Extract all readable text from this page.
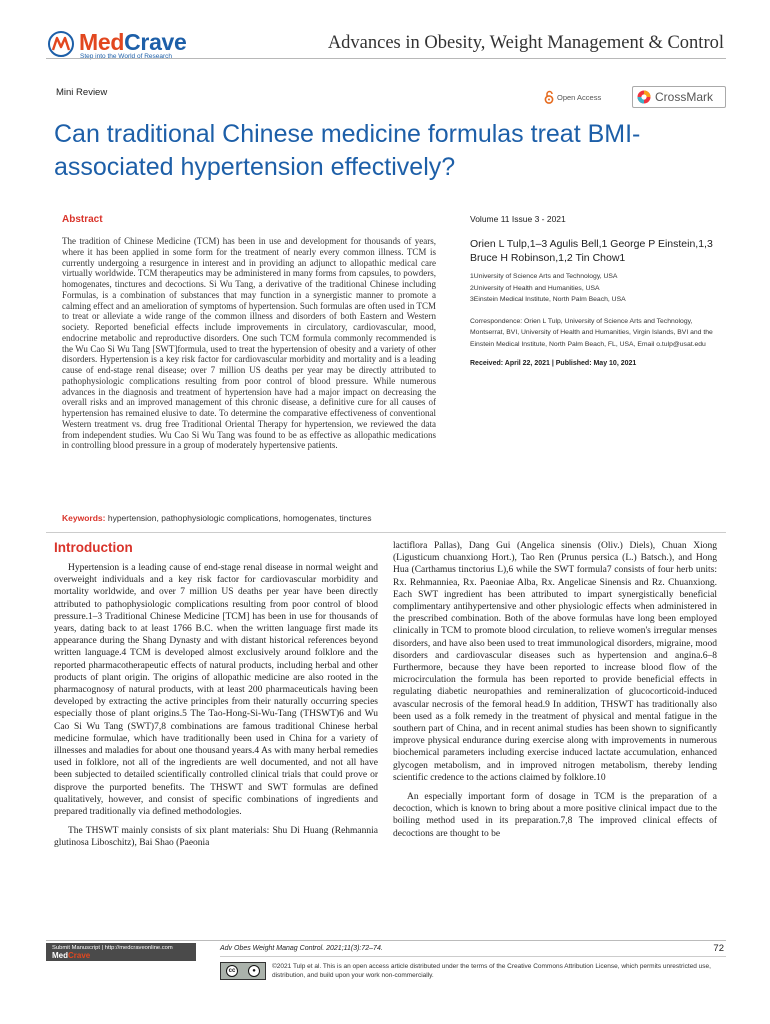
MedCrave
Step into the World of Research
Advances in Obesity, Weight Management & Control
Mini Review	Open Access	CrossMark
Can traditional Chinese medicine formulas treat BMI-associated hypertension effectively?
Abstract

The tradition of Chinese Medicine (TCM) has been in use and development for thousands of years, where it has been applied in some form for the treatment of nearly every common illness. TCM is currently undergoing a resurgence in interest and in providing an adjunct to allopathic medical care virtually worldwide. TCM therapeutics may be administered in many forms from capsules, to powders, homogenates, tinctures and decoctions. Si Wu Tang, a derivative of the traditional Chinese including Formulas, is a combination of substances that may function in a synergistic manner to promote a calming effect and an amelioration of symptoms of hypertension. Such formulas are often used in TCM to treat or alleviate a wide range of the common illness and disorders of both Eastern and Western society. Reported beneficial effects include improvements in circulatory, cardiovascular, mood, endocrine metabolic and reproductive disorders. One such TCM formula commonly recommended is the Wu Cao Si Wu Tang [SWT]formula, used to treat the hypertension of obesity and a variety of other disorders. Hypertension is a key risk factor for cardiovascular morbidity and mortality and is a leading cause of end-stage renal disease; over 7 million US deaths per year may be directly attributed to pathophysiologic complications resulting from poor control of blood pressure. While numerous advances in the diagnosis and treatment of hypertension have had a major impact on decreasing the overall risks and an improved management of this chronic disease, a definitive cure for all causes of hypertension has remained elusive to date. To determine the comparative effectiveness of conventional Western treatment vs. drug free Traditional Oriental Therapy for hypertension, we reviewed the data from independent studies. Wu Cao Si Wu Tang was found to be as effective as allopathic medications in controlling blood pressure in a group of moderately hypertensive patients.

Volume 11 Issue 3 - 2021
Orien L Tulp,1–3 Agulis Bell,1 George P Einstein,1,3 Bruce H Robinson,1,2 Tin Chow1
1University of Science Arts and Technology, USA
2University of Health and Humanities, USA
3Einstein Medical Institute, North Palm Beach, USA
Correspondence: Orien L Tulp, University of Science Arts and Technology, Montserrat, BVI, University of Health and Humanities, Virgin Islands, BVI and the Einstein Medical Institute, North Palm Beach, FL, USA, Email o.tulp@usat.edu
Received: April 22, 2021 | Published: May 10, 2021
Keywords: hypertension, pathophysiologic complications, homogenates, tinctures
Introduction

Hypertension is a leading cause of end-stage renal disease in normal weight and overweight individuals and a key risk factor for cardiovascular morbidity and mortality worldwide, and over 7 million US deaths per year have been directly attributed to pathophysiologic complications resulting from poor control of blood pressure.1–3 Traditional Chinese Medicine [TCM] has been in use for thousands of years, dating back to at least 1766 B.C. when the written language first made its appearance during the Shang Dynasty and with distant historical references beyond written language.4 TCM is developed almost exclusively around folklore and the reported pharmacotherapeutic effects of natural products, including herbal and other products of plant origin. The origins of allopathic medicine are also rooted in the pharmacognosy of natural products, with at least 200 pharmaceuticals having been developed by extracting the active principles from their naturally occurring species especially those of plant origins.5 The Tao-Hong-Si-Wu-Tang (THSWT)6 and Wu Cao Si Wu Tang (SWT)7,8 combinations are famous traditional Chinese herbal medicine formulae, which have traditionally been used in China for a variety of illnesses and maladies for about one thousand years.4 As with many herbal remedies used in folklore, not all of the ingredients are well documented, and not all have been subjected to detailed scientifically controlled clinical trials that could prove or disprove the purported benefits. The THSWT and SWT formulas are defined qualitatively, however, and consist of specific combinations of ingredients and prepared traditionally via defined methodologies.

The THSWT mainly consists of six plant materials: Shu Di Huang (Rehmannia glutinosa Liboschitz), Bai Shao (Paeonia

lactiflora Pallas), Dang Gui (Angelica sinensis (Oliv.) Diels), Chuan Xiong (Ligusticum chuanxiong Hort.), Tao Ren (Prunus persica (L.) Batsch.), and Hong Hua (Carthamus tinctorius L),6 while the SWT formula7 consists of four herb units: Rx. Rehmanniea, Rx. Paeoniae Alba, Rx. Angelicae Sinensis and Rz. Chuanxiong. Each SWT ingredient has been attributed to impart synergistically beneficial complimentary antihypertensive and other physiologic effects when administered in the prescribed combination. Both of the above formulas have long been employed clinically in TCM to promote blood circulation, to relieve women's irregular menses disorders, and have also been used to treat immunological disorders, migraine, mood disorders and cardiovascular diseases such as hypertension and angina.6–8 Furthermore, because they have been reported to increase blood flow of the microcirculation the formula has been reported to provide beneficial effects in regulating diabetic neuropathies and remineralization of glucocorticoid-induced avascular necrosis of the femoral head.9 In addition, THSWT has traditionally also been used as a folk remedy in the treatment of physical and mental fatigue in the southern part of China, and in recent animal studies has been shown to significantly improve physical endurance during exercise along with improvements in numerous biochemical parameters including exercise induced lactate accumulation, enhanced glycogen metabolism, and in improved nitrogen metabolism, thereby lending scientific credence to the actions claimed by folklore.10

An especially important form of dosage in TCM is the preparation of a decoction, which is known to bring about a more positive clinical impact due to the boiling method used in its preparation.7,8 The improved clinical effects of decoctions are thought to be

Submit Manuscript | http://medcraveonline.com
MedCrave
Adv Obes Weight Manag Control. 2021;11(3):72‒74.	72
cc	●
©2021 Tulp et al. This is an open access article distributed under the terms of the Creative Commons Attribution License, which permits unrestricted use, distribution, and build upon your work non-commercially.
